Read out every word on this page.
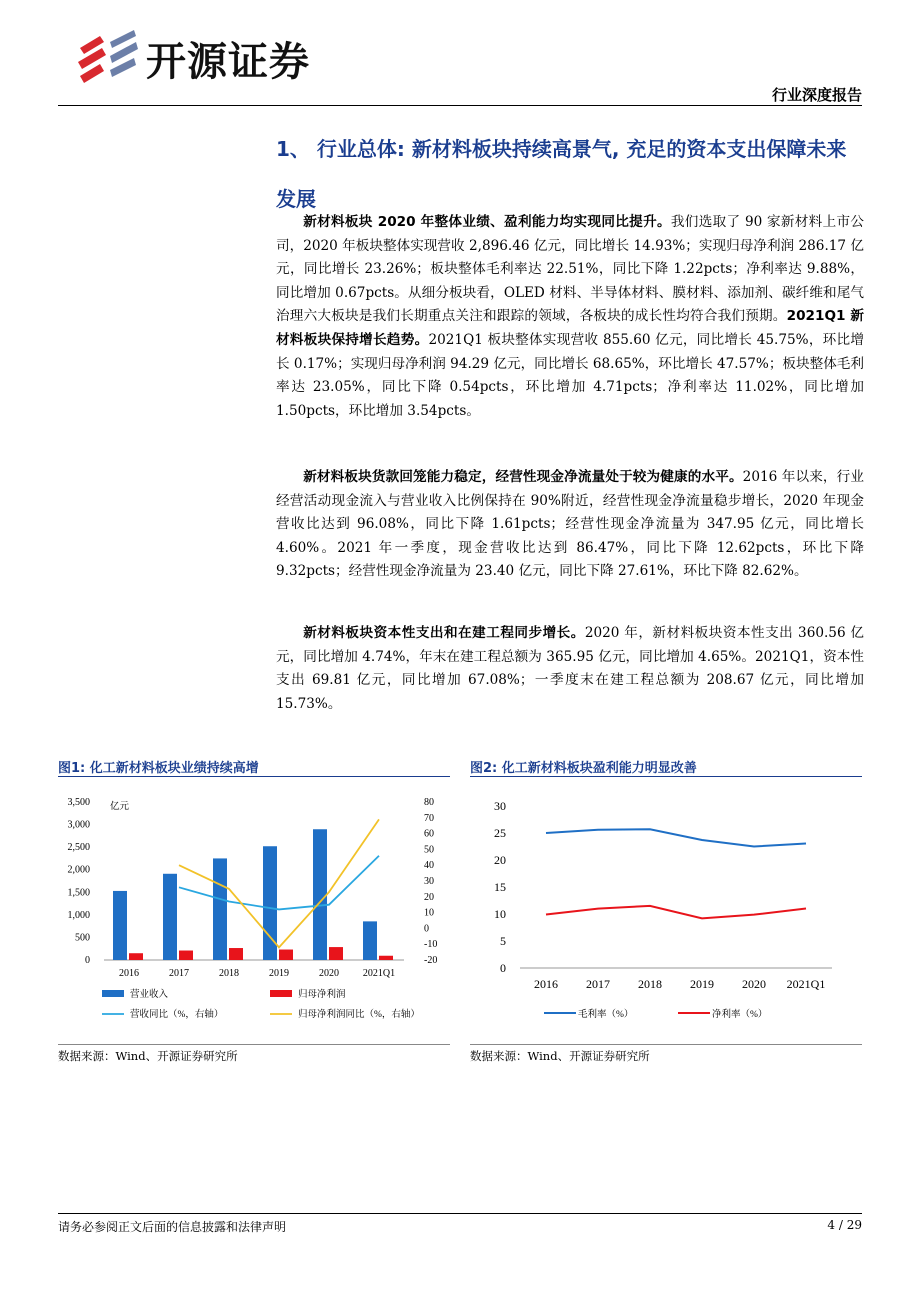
开源证券
行业深度报告
1、 行业总体: 新材料板块持续高景气, 充足的资本支出保障未来发展

新材料板块 2020 年整体业绩、盈利能力均实现同比提升。我们选取了 90 家新材料上市公司，2020 年板块整体实现营收 2,896.46 亿元，同比增长 14.93%；实现归母净利润 286.17 亿元，同比增长 23.26%；板块整体毛利率达 22.51%，同比下降 1.22pcts；净利率达 9.88%，同比增加 0.67pcts。从细分板块看，OLED 材料、半导体材料、膜材料、添加剂、碳纤维和尾气治理六大板块是我们长期重点关注和跟踪的领域，各板块的成长性均符合我们预期。2021Q1 新材料板块保持增长趋势。2021Q1 板块整体实现营收 855.60 亿元，同比增长 45.75%，环比增长 0.17%；实现归母净利润 94.29 亿元，同比增长 68.65%，环比增长 47.57%；板块整体毛利率达 23.05%，同比下降 0.54pcts，环比增加 4.71pcts；净利率达 11.02%，同比增加 1.50pcts，环比增加 3.54pcts。

新材料板块货款回笼能力稳定，经营性现金净流量处于较为健康的水平。2016 年以来，行业经营活动现金流入与营业收入比例保持在 90%附近，经营性现金净流量稳步增长，2020 年现金营收比达到 96.08%，同比下降 1.61pcts；经营性现金净流量为 347.95 亿元，同比增长 4.60%。2021 年一季度，现金营收比达到 86.47%，同比下降 12.62pcts，环比下降 9.32pcts；经营性现金净流量为 23.40 亿元，同比下降 27.61%，环比下降 82.62%。

新材料板块资本性支出和在建工程同步增长。2020 年，新材料板块资本性支出 360.56 亿元，同比增加 4.74%，年末在建工程总额为 365.95 亿元，同比增加 4.65%。2021Q1，资本性支出 69.81 亿元，同比增加 67.08%；一季度末在建工程总额为 208.67 亿元，同比增加 15.73%。

图1: 化工新材料板块业绩持续高增
0
500
1,000
1,500
2,000
2,500
3,000
3,500
-20
-10
0
10
20
30
40
50
60
70
80
亿元
2016	2017	2018	2019	2020 2021Q1
营业收入	归母净利润
营收同比（%，右轴）	归母净利润同比（%，右轴）
数据来源：Wind、开源证券研究所
图2: 化工新材料板块盈利能力明显改善
0
5
10
15
20
25
30
2016 2017 2018 2019 2020 2021Q1
毛利率（%）	净利率（%）
数据来源：Wind、开源证券研究所
请务必参阅正文后面的信息披露和法律声明	4 / 29
